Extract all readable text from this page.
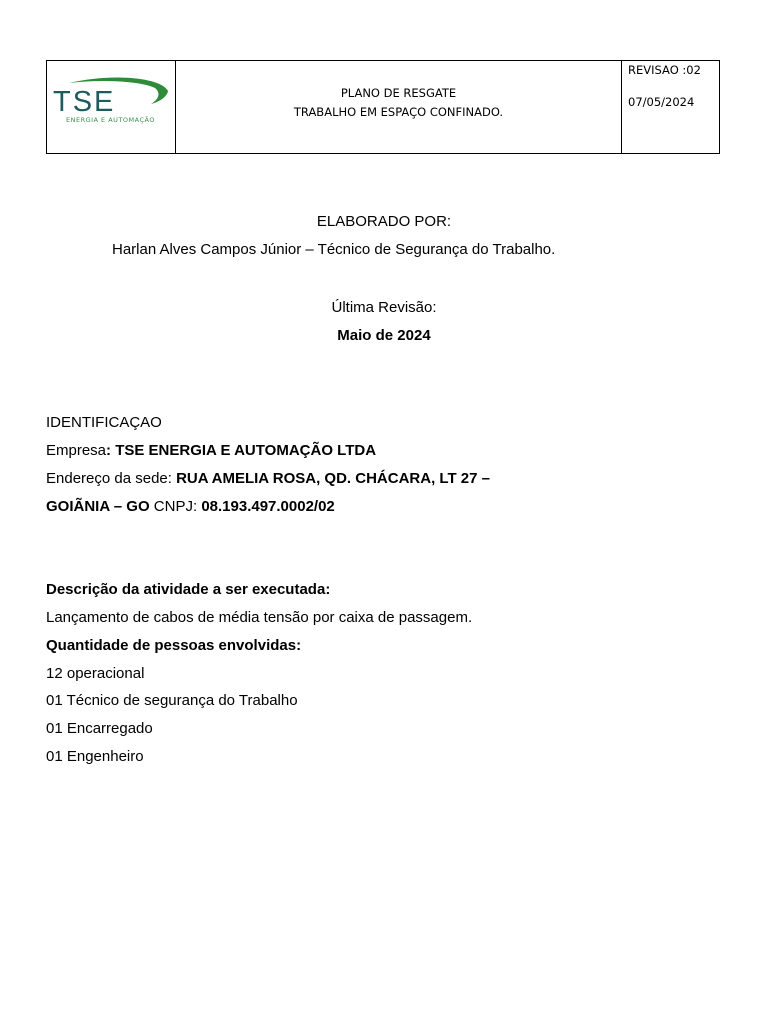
TSE
ENERGIA E AUTOMAÇÃO
PLANO DE RESGATE
TRABALHO EM ESPAÇO CONFINADO.
REVISAO :02
07/05/2024
ELABORADO POR:
Harlan Alves Campos Júnior – Técnico de Segurança do Trabalho.
Última Revisão:
Maio de 2024
IDENTIFICAÇAO
Empresa: TSE ENERGIA E AUTOMAÇÃO LTDA
Endereço da sede: RUA AMELIA ROSA, QD. CHÁCARA, LT 27 –
GOIÃNIA – GO CNPJ: 08.193.497.0002/02
Descrição da atividade a ser executada:
Lançamento de cabos de média tensão por caixa de passagem.
Quantidade de pessoas envolvidas:
12 operacional
01 Técnico de segurança do Trabalho
01 Encarregado
01 Engenheiro
